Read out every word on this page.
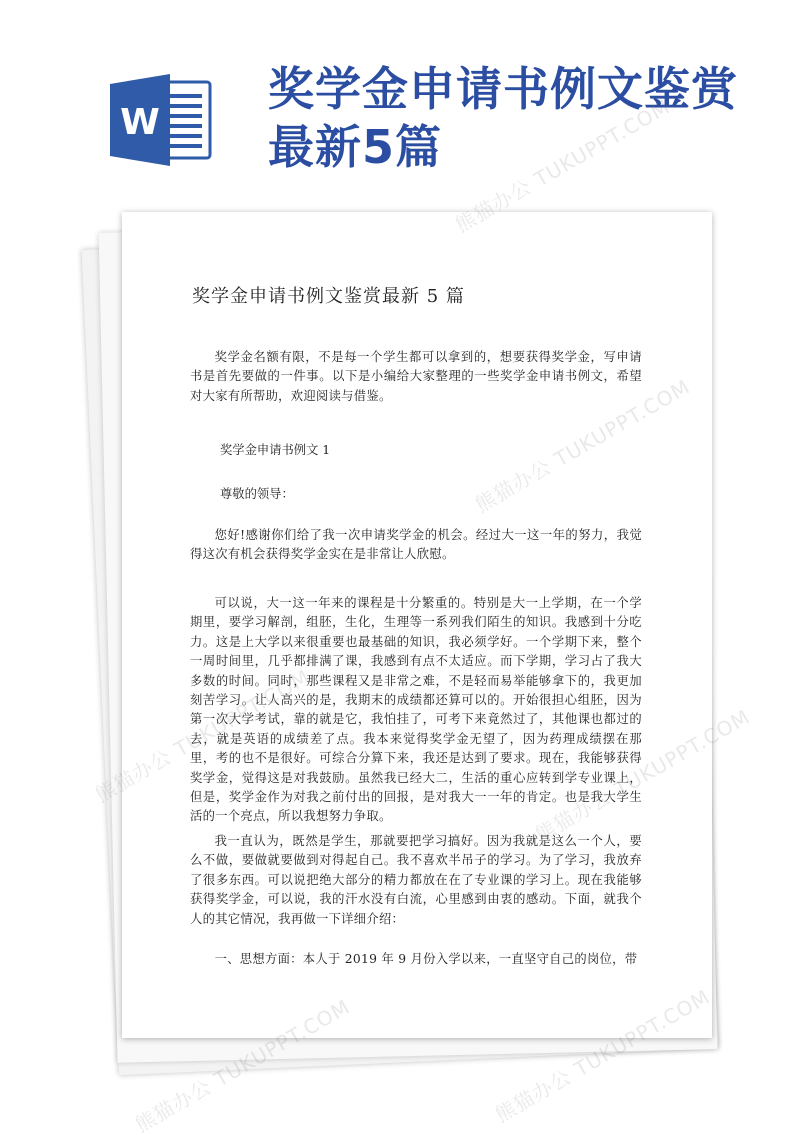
W
奖学金申请书例文鉴赏最新5篇
奖学金申请书例文鉴赏最新 5 篇
奖学金名额有限，不是每一个学生都可以拿到的，想要获得奖学金，写申请书是首先要做的一件事。以下是小编给大家整理的一些奖学金申请书例文，希望对大家有所帮助，欢迎阅读与借鉴。
奖学金申请书例文 1
尊敬的领导：
您好!感谢你们给了我一次申请奖学金的机会。经过大一这一年的努力，我觉得这次有机会获得奖学金实在是非常让人欣慰。
可以说，大一这一年来的课程是十分繁重的。特别是大一上学期，在一个学期里，要学习解剖，组胚，生化，生理等一系列我们陌生的知识。我感到十分吃力。这是上大学以来很重要也最基础的知识，我必须学好。一个学期下来，整个一周时间里，几乎都排满了课，我感到有点不太适应。而下学期，学习占了我大多数的时间。同时，那些课程又是非常之难，不是轻而易举能够拿下的，我更加刻苦学习。让人高兴的是，我期末的成绩都还算可以的。开始很担心组胚，因为第一次大学考试，靠的就是它，我怕挂了，可考下来竟然过了，其他课也都过的去，就是英语的成绩差了点。我本来觉得奖学金无望了，因为药理成绩摆在那里，考的也不是很好。可综合分算下来，我还是达到了要求。现在，我能够获得奖学金，觉得这是对我鼓励。虽然我已经大二，生活的重心应转到学专业课上，但是，奖学金作为对我之前付出的回报，是对我大一一年的肯定。也是我大学生活的一个亮点，所以我想努力争取。
我一直认为，既然是学生，那就要把学习搞好。因为我就是这么一个人，要么不做，要做就要做到对得起自己。我不喜欢半吊子的学习。为了学习，我放弃了很多东西。可以说把绝大部分的精力都放在在了专业课的学习上。现在我能够获得奖学金，可以说，我的汗水没有白流，心里感到由衷的感动。下面，就我个人的其它情况，我再做一下详细介绍：
一、思想方面：本人于 2019 年 9 月份入学以来，一直坚守自己的岗位，带
熊猫办公 TUKUPPT.COM
熊猫办公 TUKUPPT.COM
